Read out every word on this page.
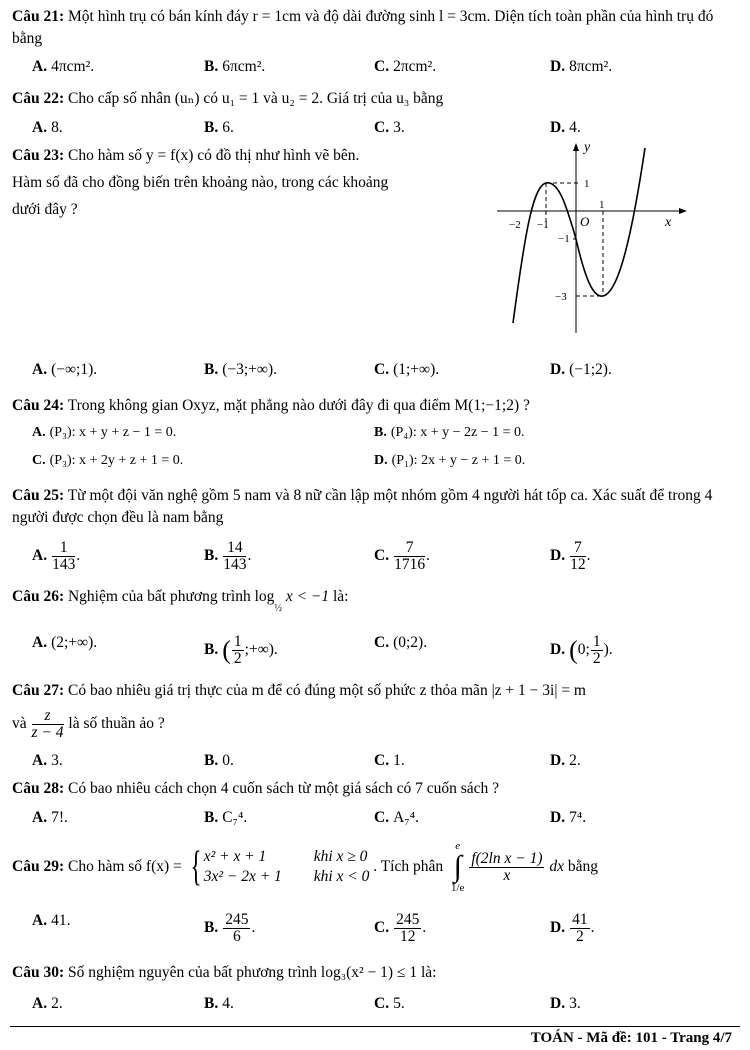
Câu 21: Một hình trụ có bán kính đáy r = 1cm và độ dài đường sinh l = 3cm. Diện tích toàn phần của hình trụ đó bằng
A. 4πcm².	B. 6πcm².	C. 2πcm².	D. 8πcm².
Câu 22: Cho cấp số nhân (uₙ) có u₁ = 1 và u₂ = 2. Giá trị của u₃ bằng
A. 8.	B. 6.	C. 3.	D. 4.
Câu 23: Cho hàm số y = f(x) có đồ thị như hình vẽ bên.
Hàm số đã cho đồng biến trên khoảng nào, trong các khoảng
dưới đây ?
y
x
O
−2 −1
1
1
−1
−3
A. (−∞;1).	B. (−3;+∞).	C. (1;+∞).	D. (−1;2).
Câu 24: Trong không gian Oxyz, mặt phẳng nào dưới đây đi qua điểm M(1;−1;2) ?
A. (P₃): x + y + z − 1 = 0.	B. (P₄): x + y − 2z − 1 = 0.
C. (P₃): x + 2y + z + 1 = 0.	D. (P₁): 2x + y − z + 1 = 0.
Câu 25: Từ một đội văn nghệ gồm 5 nam và 8 nữ cần lập một nhóm gồm 4 người hát tốp ca. Xác suất để trong 4 người được chọn đều là nam bằng
A. $\frac{1}{143}$ .	B. $\frac{14}{143}$ .	C. $\frac{7}{1716}$ .	D. $\frac{7}{12}$ .
Câu 26: Nghiệm của bất phương trình $\log_{\frac{1}{2}} x < -1$ là:
A. (2;+∞).	B. ( $\frac{1}{2}$ ;+∞).	C. (0;2).	D. (0; $\frac{1}{2}$ ).
Câu 27: Có bao nhiêu giá trị thực của m để có đúng một số phức z thỏa mãn |z + 1 − 3i| = m
và $\frac{z}{z - 4}$ là số thuần ảo ?
A. 3.	B. 0.	C. 1.	D. 2.
Câu 28: Có bao nhiêu cách chọn 4 cuốn sách từ một giá sách có 7 cuốn sách ?
A. 7!.	B. C₇⁴.	C. A₇⁴.	D. 7⁴.
Câu 29: Cho hàm số f(x) = { x² + x + 1	khi x ≥ 0
3x² − 2x + 1 khi x < 0
. Tích phân
e
∫
1/e

$\frac{\text{f(2ln x − 1)}}{x}$ dx bằng
A. 41.	B. $\frac{245}{6}$ .	C. $\frac{245}{12}$ .	D. $\frac{41}{2}$ .
Câu 30: Số nghiệm nguyên của bất phương trình log₃(x² − 1) ≤ 1 là:
A. 2.	B. 4.	C. 5.	D. 3.
TOÁN - Mã đề: 101 - Trang 4/7
